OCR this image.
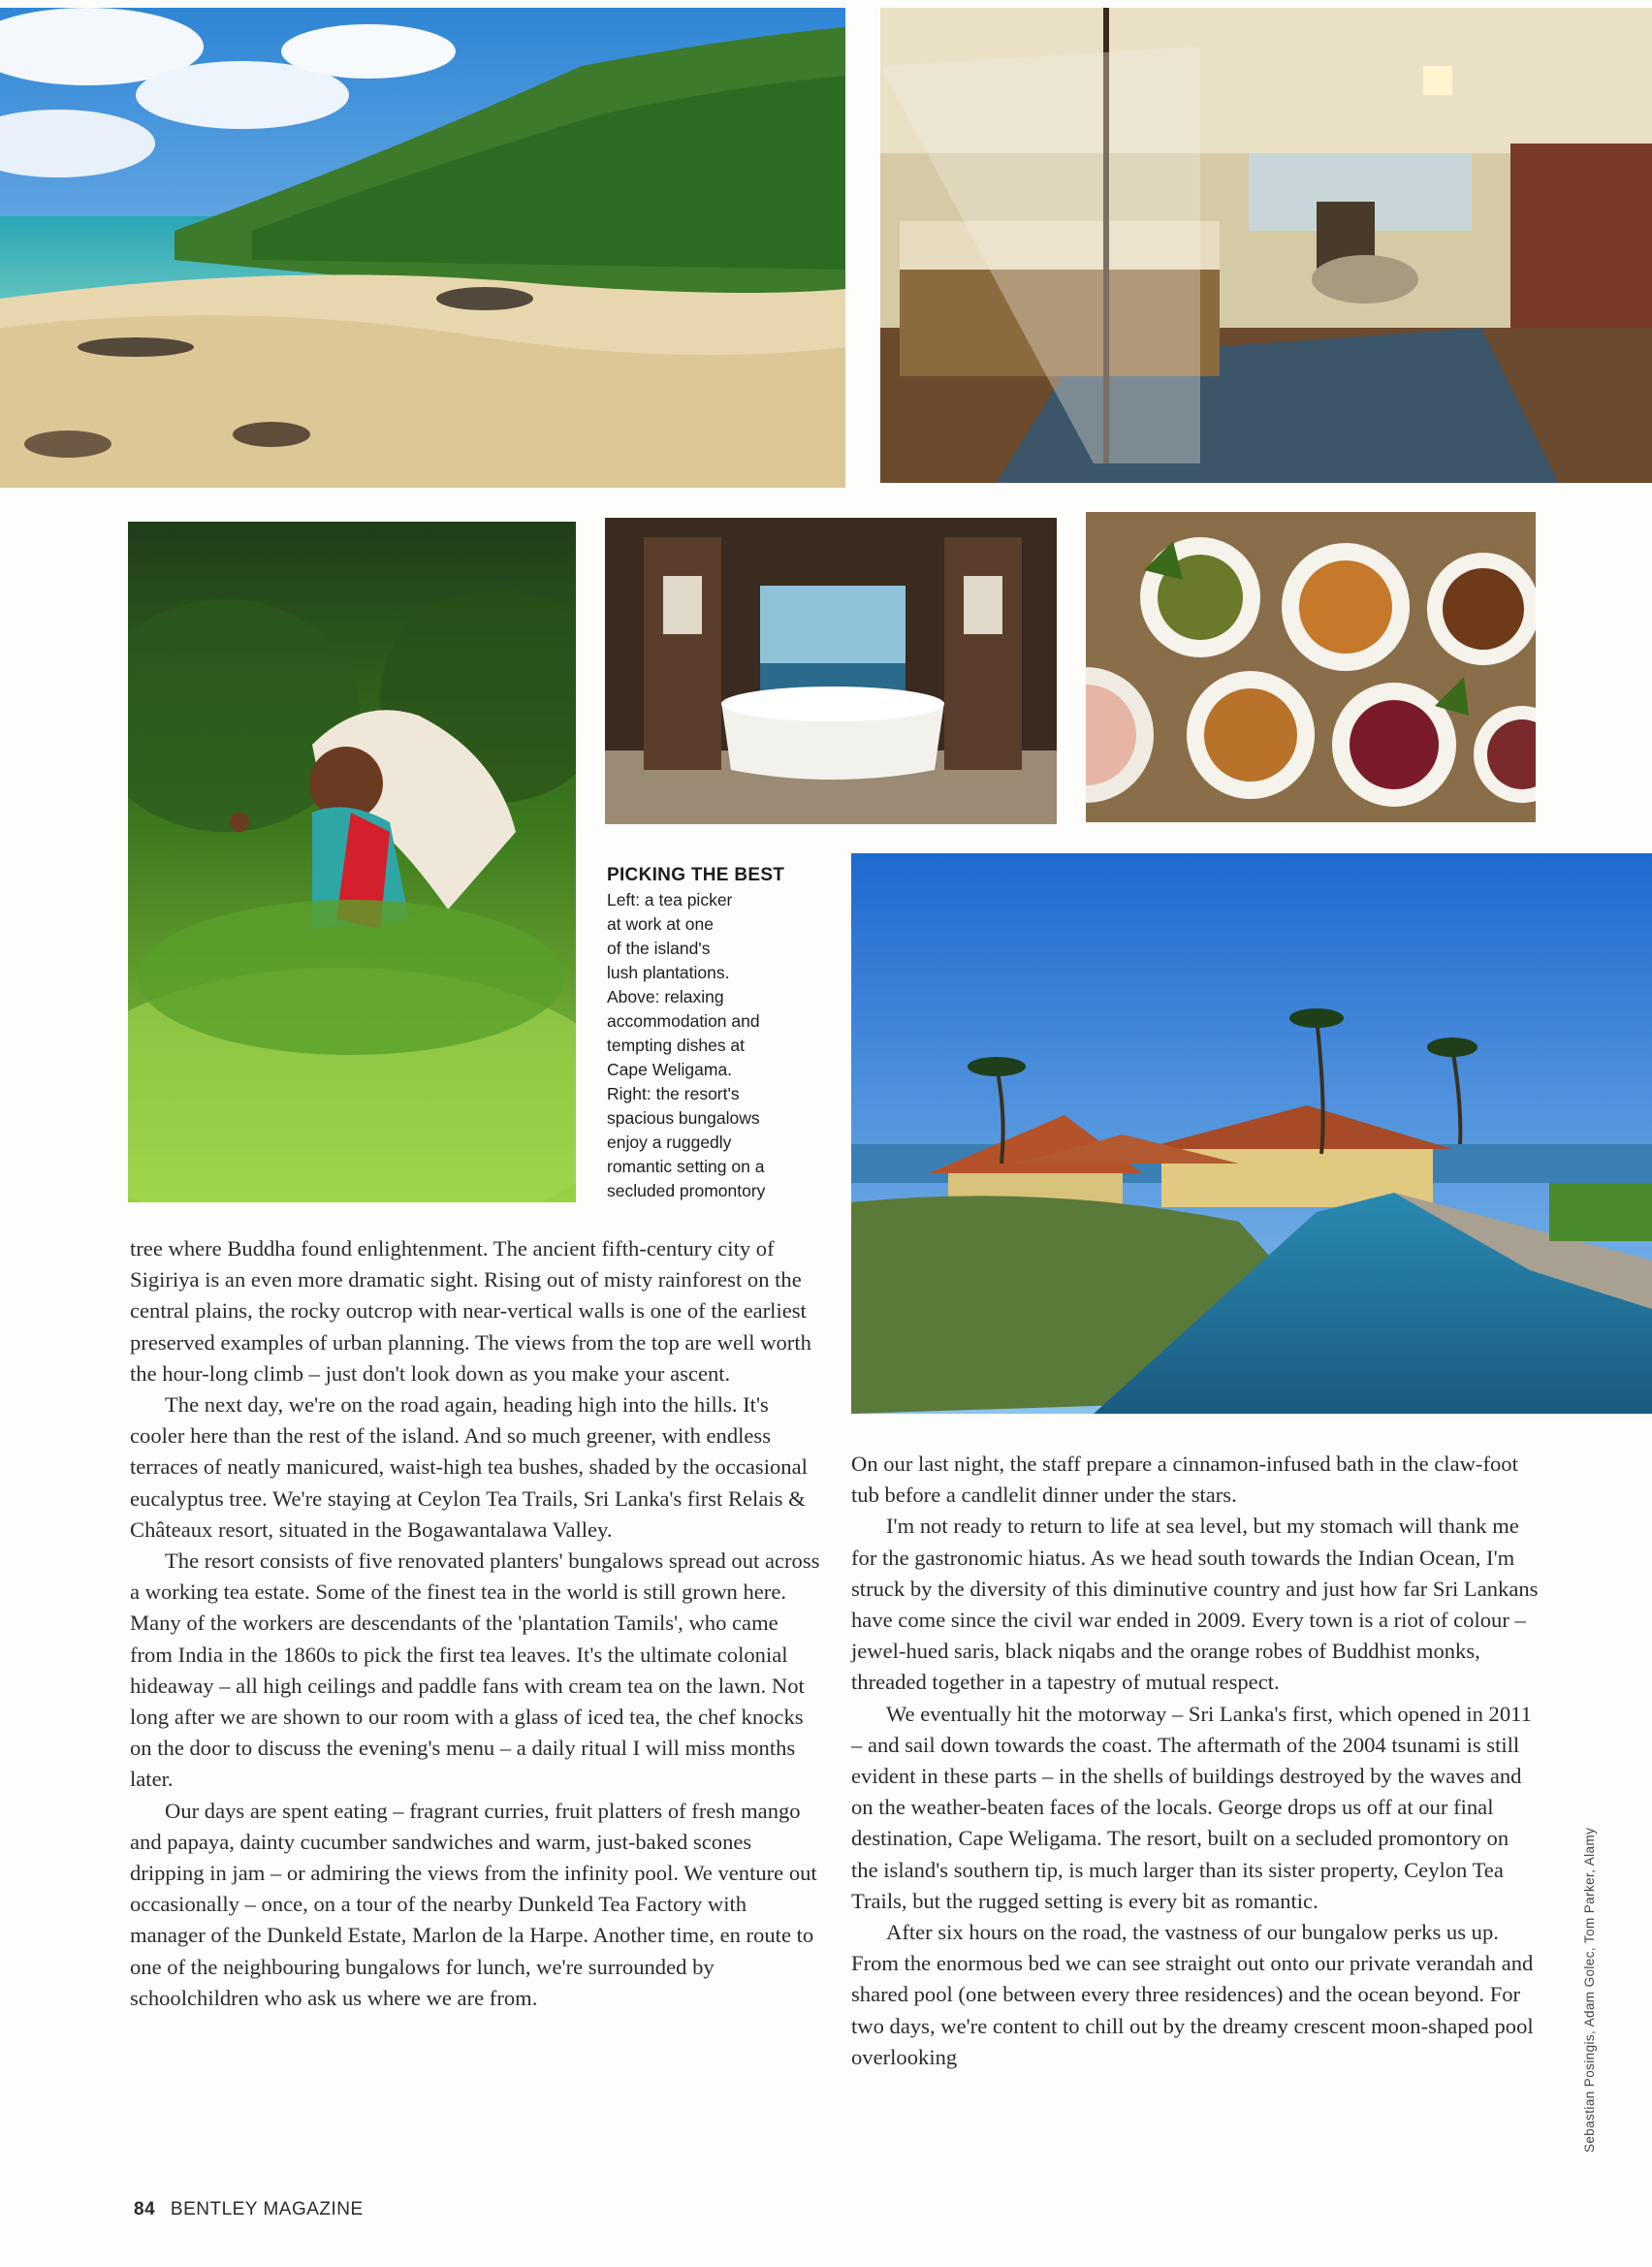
PICKING THE BEST
Left: a tea picker
at work at one
of the island's
lush plantations.
Above: relaxing
accommodation and
tempting dishes at
Cape Weligama.
Right: the resort's
spacious bungalows
enjoy a ruggedly
romantic setting on a
secluded promontory

tree where Buddha found enlightenment. The ancient fifth-century city of Sigiriya is an even more dramatic sight. Rising out of misty rainforest on the central plains, the rocky outcrop with near-vertical walls is one of the earliest preserved examples of urban planning. The views from the top are well worth the hour-long climb – just don't look down as you make your ascent.

The next day, we're on the road again, heading high into the hills. It's cooler here than the rest of the island. And so much greener, with endless terraces of neatly manicured, waist-high tea bushes, shaded by the occasional eucalyptus tree. We're staying at Ceylon Tea Trails, Sri Lanka's first Relais & Châteaux resort, situated in the Bogawantalawa Valley.

The resort consists of five renovated planters' bungalows spread out across a working tea estate. Some of the finest tea in the world is still grown here. Many of the workers are descendants of the 'plantation Tamils', who came from India in the 1860s to pick the first tea leaves. It's the ultimate colonial hideaway – all high ceilings and paddle fans with cream tea on the lawn. Not long after we are shown to our room with a glass of iced tea, the chef knocks on the door to discuss the evening's menu – a daily ritual I will miss months later.

Our days are spent eating – fragrant curries, fruit platters of fresh mango and papaya, dainty cucumber sandwiches and warm, just-baked scones dripping in jam – or admiring the views from the infinity pool. We venture out occasionally – once, on a tour of the nearby Dunkeld Tea Factory with manager of the Dunkeld Estate, Marlon de la Harpe. Another time, en route to one of the neighbouring bungalows for lunch, we're surrounded by schoolchildren who ask us where we are from.

On our last night, the staff prepare a cinnamon-infused bath in the claw-foot tub before a candlelit dinner under the stars.

I'm not ready to return to life at sea level, but my stomach will thank me for the gastronomic hiatus. As we head south towards the Indian Ocean, I'm struck by the diversity of this diminutive country and just how far Sri Lankans have come since the civil war ended in 2009. Every town is a riot of colour – jewel-hued saris, black niqabs and the orange robes of Buddhist monks, threaded together in a tapestry of mutual respect.

We eventually hit the motorway – Sri Lanka's first, which opened in 2011 – and sail down towards the coast. The aftermath of the 2004 tsunami is still evident in these parts – in the shells of buildings destroyed by the waves and on the weather-beaten faces of the locals. George drops us off at our final destination, Cape Weligama. The resort, built on a secluded promontory on the island's southern tip, is much larger than its sister property, Ceylon Tea Trails, but the rugged setting is every bit as romantic.

After six hours on the road, the vastness of our bungalow perks us up. From the enormous bed we can see straight out onto our private verandah and shared pool (one between every three residences) and the ocean beyond. For two days, we're content to chill out by the dreamy crescent moon-shaped pool overlooking	Sebastian Posingis, Adam Golec, Tom Parker, Alamy
84 BENTLEY MAGAZINE
